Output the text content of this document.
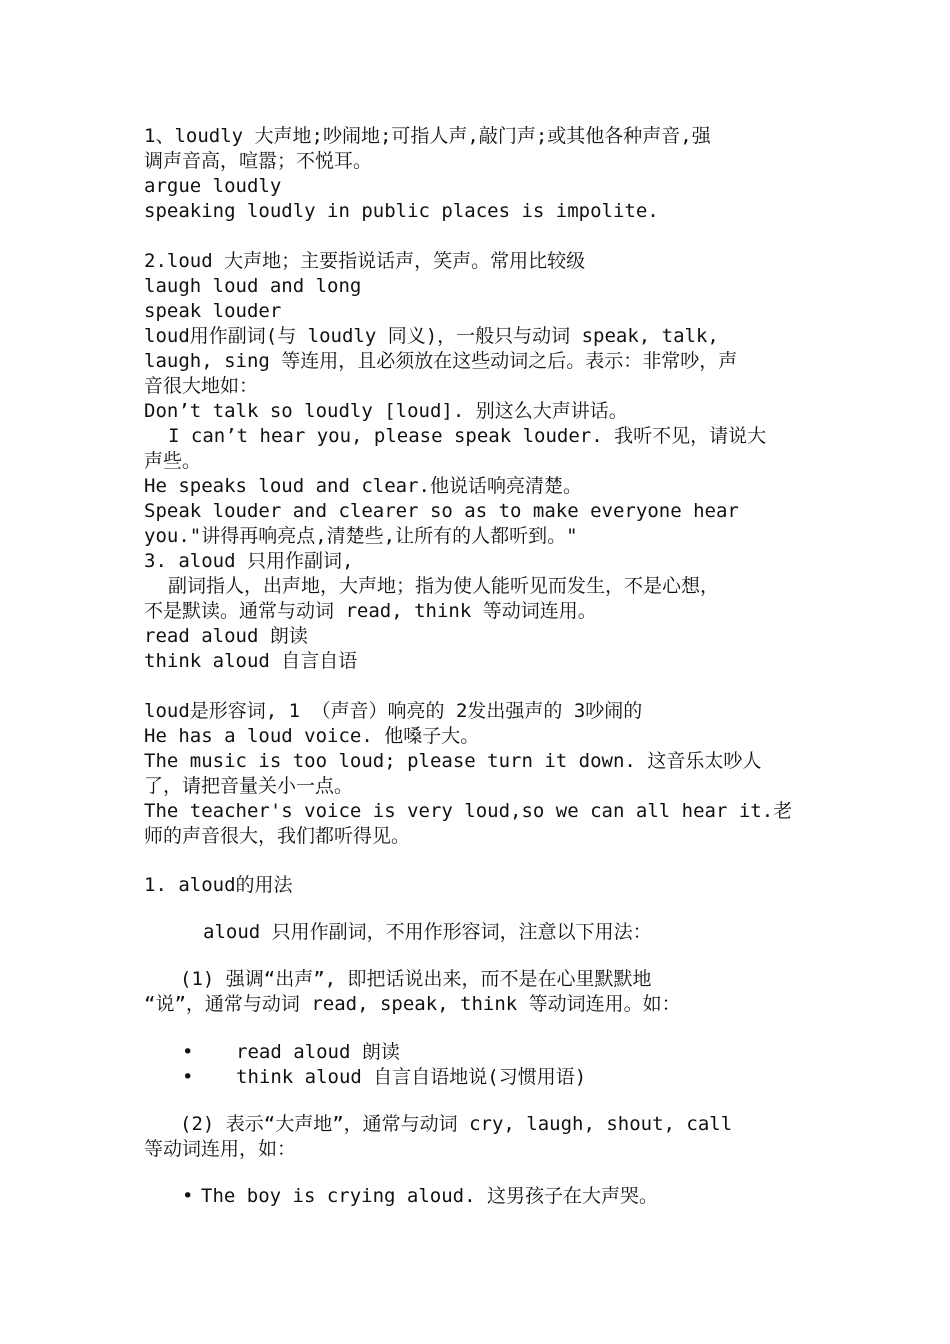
1、loudly 大声地;吵闹地;可指人声,敲门声;或其他各种声音,强
调声音高，喧嚣；不悦耳。
argue loudly
speaking loudly in public places is impolite.
2.loud 大声地；主要指说话声，笑声。常用比较级
laugh loud and long
speak louder
loud用作副词(与 loudly 同义)，一般只与动词 speak, talk,
laugh, sing 等连用，且必须放在这些动词之后。表示：非常吵，声
音很大地如：
Don’t talk so loudly [loud]. 别这么大声讲话。
I can’t hear you, please speak louder. 我听不见，请说大
声些。
He speaks loud and clear.他说话响亮清楚。
Speak louder and clearer so as to make everyone hear
you."讲得再响亮点,清楚些,让所有的人都听到。"
3. aloud 只用作副词,
副词指人，出声地，大声地；指为使人能听见而发生，不是心想，
不是默读。通常与动词 read, think 等动词连用。
read aloud 朗读
think aloud 自言自语
loud是形容词, 1 （声音）响亮的 2发出强声的 3吵闹的
He has a loud voice. 他嗓子大。
The music is too loud; please turn it down. 这音乐太吵人
了，请把音量关小一点。
The teacher's voice is very loud,so we can all hear it.老
师的声音很大，我们都听得见。
1. aloud的用法
aloud 只用作副词，不用作形容词，注意以下用法：
(1) 强调“出声”, 即把话说出来，而不是在心里默默地
“说”，通常与动词 read, speak, think 等动词连用。如：
• read aloud 朗读
• think aloud 自言自语地说(习惯用语)
(2) 表示“大声地”，通常与动词 cry, laugh, shout, call
等动词连用，如：
• The boy is crying aloud. 这男孩子在大声哭。
